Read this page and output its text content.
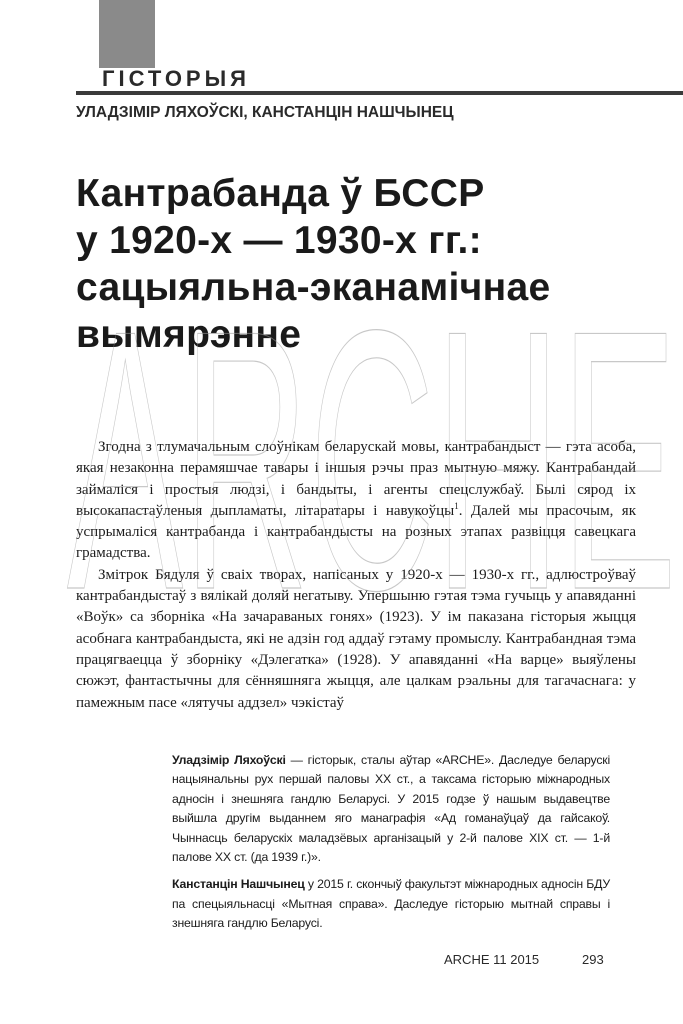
ГІСТОРЫЯ

УЛАДЗІМІР ЛЯХОЎСКІ, КАНСТАНЦІН НАШЧЫНЕЦ

Кантрабанда ў БССР
у 1920-х — 1930-х гг.:
сацыяльна-эканамічнае
вымярэнне

Згодна з тлумачальным слоўнікам беларускай мовы, кантрабандыст — гэта асоба, якая незаконна перамяшчае тавары і іншыя рэчы праз мытную мяжу. Кантрабандай займаліся і простыя людзі, і бандыты, і агенты спецслужбаў. Былі сярод іх высокапастаўленыя дыпламаты, літаратары і навукоўцы$^1$. Далей мы прасочым, як успрымаліся кантрабанда і кантрабандысты на розных этапах развіцця савецкага грамадства.

Змітрок Бядуля ў сваіх творах, напісаных у 1920-х — 1930-х гг., адлюстроўваў кантрабандыстаў з вялікай доляй негатыву. Упершыню гэтая тэма гучыць у апавяданні «Воўк» са зборніка «На зачараваных гонях» (1923). У ім паказана гісторыя жыцця асобнага кантрабандыста, які не адзін год аддаў гэтаму промыслу. Кантрабандная тэма працягваецца ў зборніку «Дэлегатка» (1928). У апавяданні «На варце» выяўлены сюжэт, фантастычны для сённяшняга жыцця, але цалкам рэальны для тагачаснага: у памежным пасе «лятучы аддзел» чэкістаў

ARCHE

Уладзімір Ляхоўскі — гісторык, сталы аўтар «ARCHE». Даследуе беларускі нацыянальны рух першай паловы XX ст., а таксама гісторыю міжнародных адносін і знешняга гандлю Беларусі. У 2015 годзе ў нашым выдавецтве выйшла другім выданнем яго манаграфія «Ад гоманаўцаў да гайсакоў. Чыннасць беларускіх маладзёвых арганізацый у 2-й палове XIX ст. — 1-й палове XX ст. (да 1939 г.)».

Канстанцін Нашчынец у 2015 г. скончыў факультэт міжнародных адносін БДУ па спецыяльнасці «Мытная справа». Даследуе гісторыю мытнай справы і знешняга гандлю Беларусі.

ARCHE 11 2015	293
